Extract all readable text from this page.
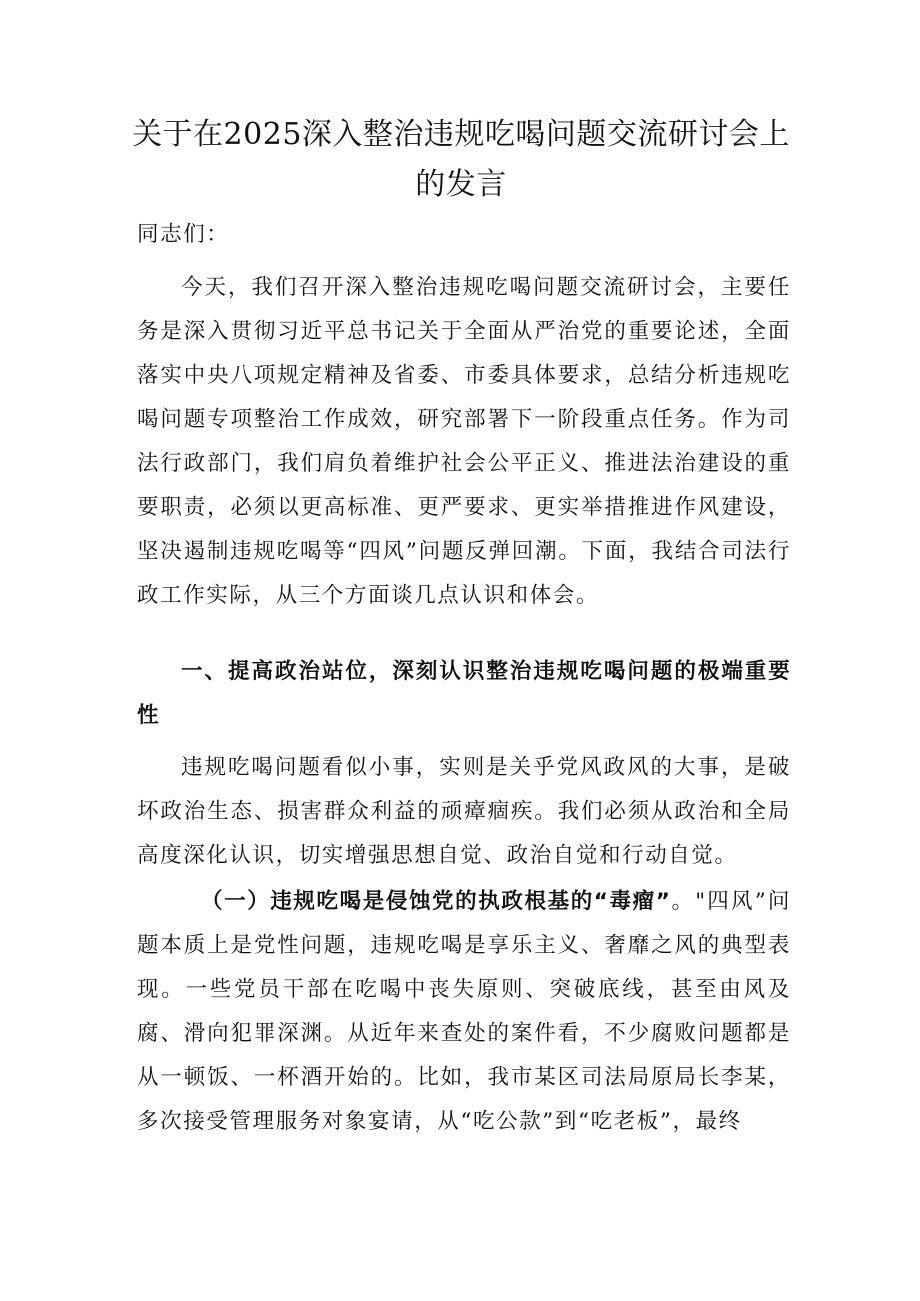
关于在2025深入整治违规吃喝问题交流研讨会上的发言

同志们：

今天，我们召开深入整治违规吃喝问题交流研讨会，主要任务是深入贯彻习近平总书记关于全面从严治党的重要论述，全面落实中央八项规定精神及省委、市委具体要求，总结分析违规吃喝问题专项整治工作成效，研究部署下一阶段重点任务。作为司法行政部门，我们肩负着维护社会公平正义、推进法治建设的重要职责，必须以更高标准、更严要求、更实举措推进作风建设，坚决遏制违规吃喝等“四风”问题反弹回潮。下面，我结合司法行政工作实际，从三个方面谈几点认识和体会。

一、提高政治站位，深刻认识整治违规吃喝问题的极端重要性

违规吃喝问题看似小事，实则是关乎党风政风的大事，是破坏政治生态、损害群众利益的顽瘴痼疾。我们必须从政治和全局高度深化认识，切实增强思想自觉、政治自觉和行动自觉。

（一）违规吃喝是侵蚀党的执政根基的“毒瘤”。"四风”问题本质上是党性问题，违规吃喝是享乐主义、奢靡之风的典型表现。一些党员干部在吃喝中丧失原则、突破底线，甚至由风及腐、滑向犯罪深渊。从近年来查处的案件看，不少腐败问题都是从一顿饭、一杯酒开始的。比如，我市某区司法局原局长李某，多次接受管理服务对象宴请，从“吃公款”到“吃老板”，最终
